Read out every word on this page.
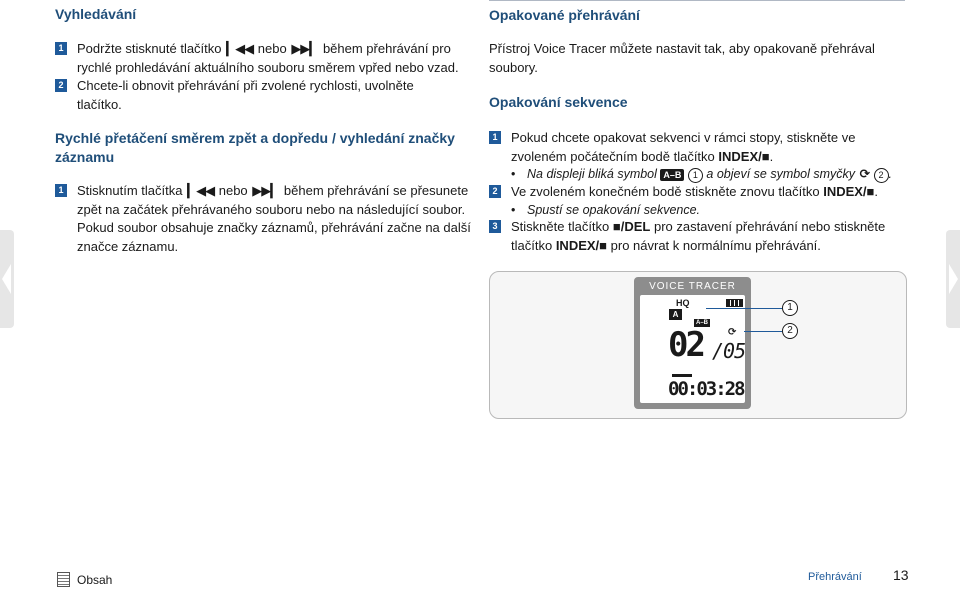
Vyhledávání
1 Podržte stisknuté tlačítko ▎◀◀ nebo ▶▶▎ během přehrávání pro rychlé prohledávání aktuálního souboru směrem vpřed nebo vzad.
2 Chcete-li obnovit přehrávání při zvolené rychlosti, uvolněte tlačítko.
Rychlé přetáčení směrem zpět a dopředu / vyhledání značky
záznamu
1 Stisknutím tlačítka ▎◀◀ nebo ▶▶▎ během přehrávání se přesunete zpět na začátek přehrávaného souboru nebo na následující soubor. Pokud soubor obsahuje značky záznamů, přehrávání začne na další značce záznamu.
Opakované přehrávání
Přístroj Voice Tracer můžete nastavit tak, aby opakovaně přehrával soubory.
Opakování sekvence
1 Pokud chcete opakovat sekvenci v rámci stopy, stiskněte ve zvoleném počátečním bodě tlačítko INDEX/■.
• Na displeji bliká symbol A–B 1 a objeví se symbol smyčky ⟳ 2 .
2 Ve zvoleném konečném bodě stiskněte znovu tlačítko INDEX/■.
• Spustí se opakování sekvence.
3 Stiskněte tlačítko ■/DEL pro zastavení přehrávání nebo stiskněte tlačítko INDEX/■ pro návrat k normálnímu přehrávání.
VOICE TRACER
HQ
A
A–B
02 /05
⟳
00:03:28
1
2
Obsah	Přehrávání 13
